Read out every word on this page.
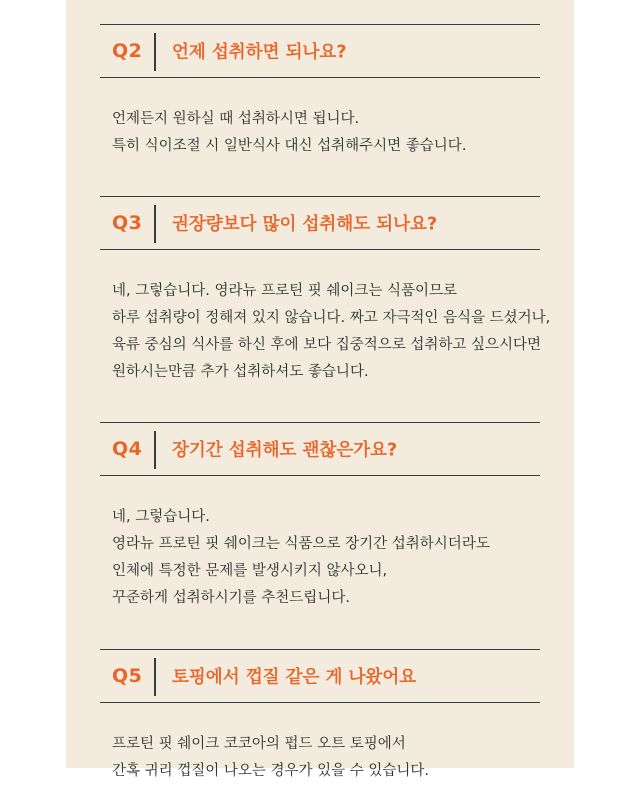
Q2 언제 섭취하면 되나요?
언제든지 원하실 때 섭취하시면 됩니다.
특히 식이조절 시 일반식사 대신 섭취해주시면 좋습니다.
Q3 권장량보다 많이 섭취해도 되나요?
네, 그렇습니다. 영라뉴 프로틴 핏 쉐이크는 식품이므로
하루 섭취량이 정해져 있지 않습니다. 짜고 자극적인 음식을 드셨거나,
육류 중심의 식사를 하신 후에 보다 집중적으로 섭취하고 싶으시다면
원하시는만큼 추가 섭취하셔도 좋습니다.
Q4 장기간 섭취해도 괜찮은가요?
네, 그렇습니다.
영라뉴 프로틴 핏 쉐이크는 식품으로 장기간 섭취하시더라도
인체에 특정한 문제를 발생시키지 않사오니,
꾸준하게 섭취하시기를 추천드립니다.
Q5 토핑에서 껍질 같은 게 나왔어요
프로틴 핏 쉐이크 코코아의 펍드 오트 토핑에서
간혹 귀리 껍질이 나오는 경우가 있을 수 있습니다.
